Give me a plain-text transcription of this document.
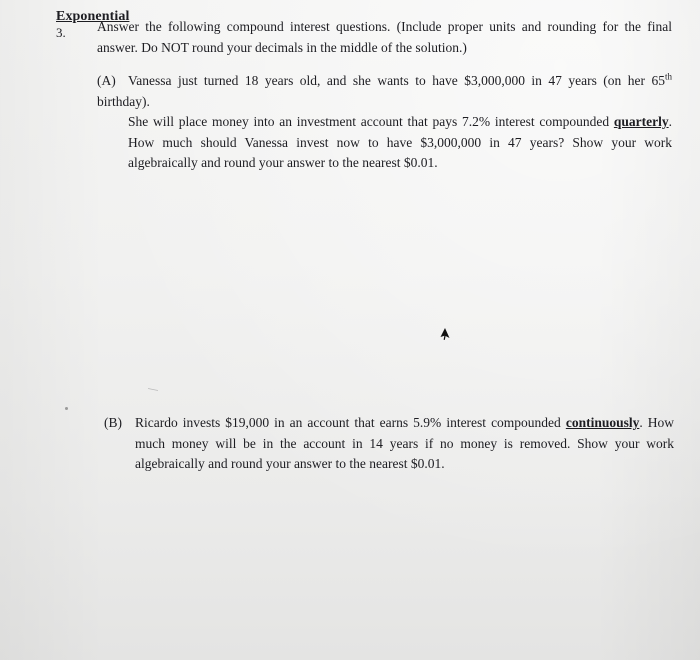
Exponential
3. Answer the following compound interest questions. (Include proper units and rounding for the final answer. Do NOT round your decimals in the middle of the solution.)
(A) Vanessa just turned 18 years old, and she wants to have $3,000,000 in 47 years (on her 65th birthday).
She will place money into an investment account that pays 7.2% interest compounded quarterly.
How much should Vanessa invest now to have $3,000,000 in 47 years? Show your work
algebraically and round your answer to the nearest $0.01.
(B) Ricardo invests $19,000 in an account that earns 5.9% interest compounded continuously. How
much money will be in the account in 14 years if no money is removed. Show your work
algebraically and round your answer to the nearest $0.01.
